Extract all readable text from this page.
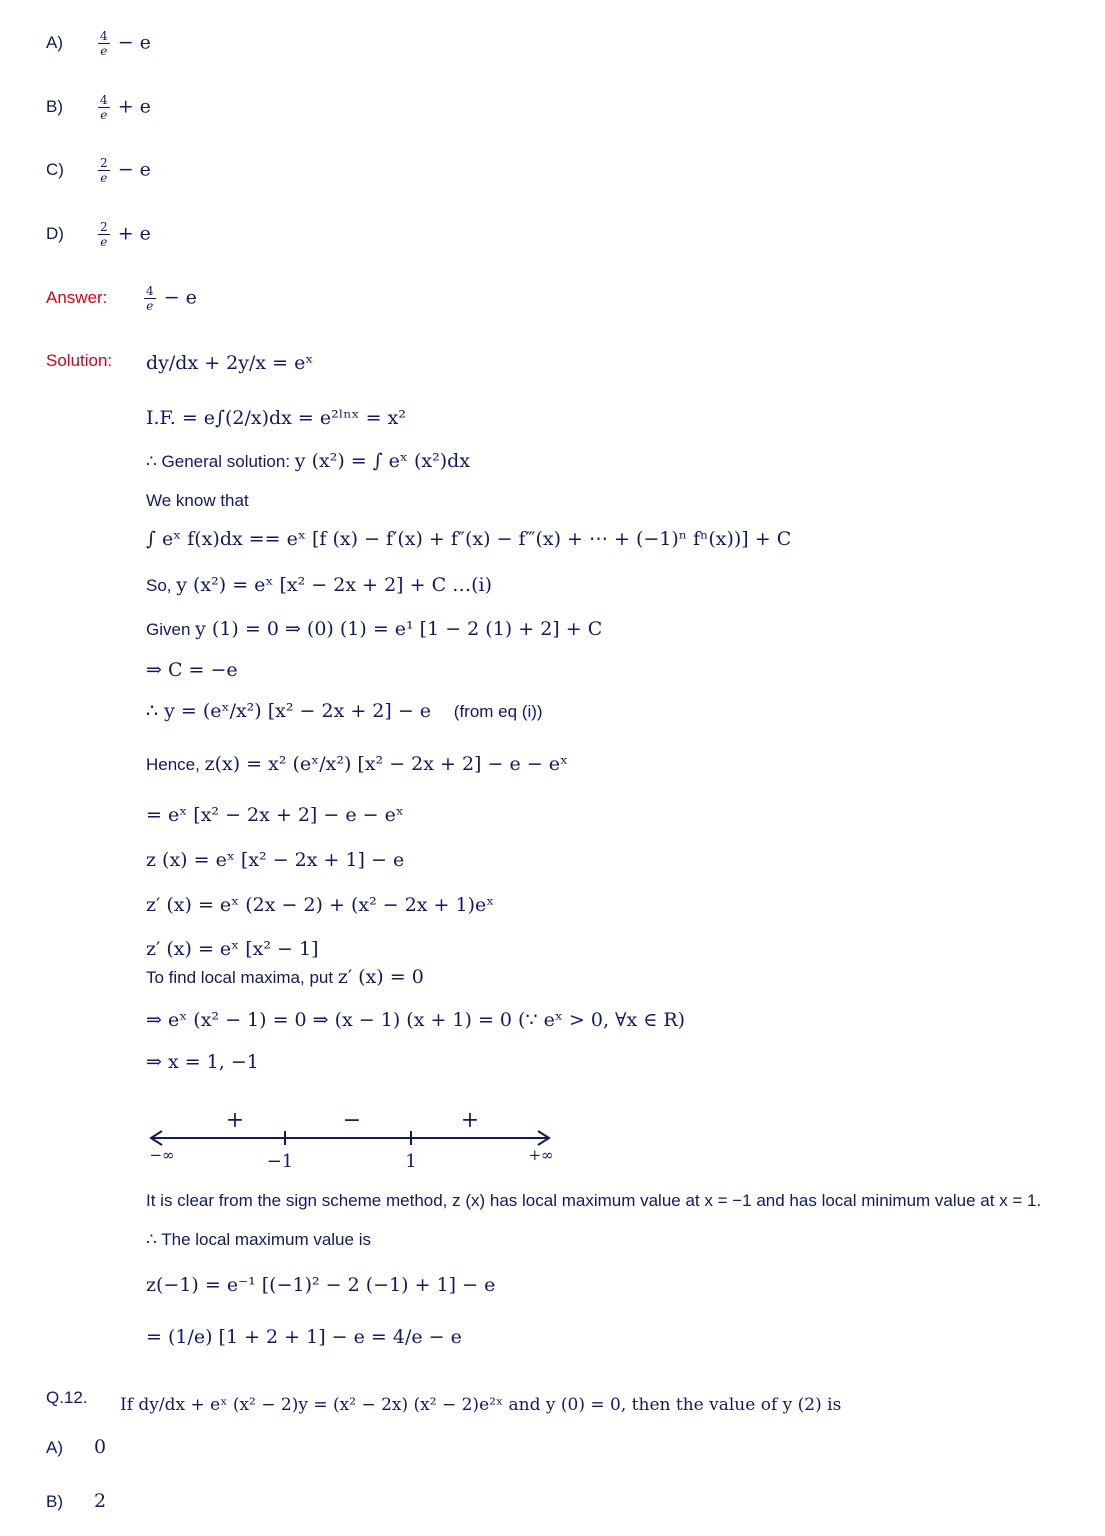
A)	$\frac{4}{e} - e$
B)	$\frac{4}{e} + e$
C)	$\frac{2}{e} - e$
D)	$\frac{2}{e} + e$
Answer:	$\frac{4}{e} - e$
Solution: dy/dx + 2y/x = eˣ
I.F. = e∫(2/x)dx = e²ˡⁿˣ = x²
∴ General solution: y (x²) = ∫ eˣ (x²)dx
We know that
∫ eˣ f(x)dx == eˣ [f (x) − f′(x) + f″(x) − f‴(x) + ⋯ + (−1)ⁿ fⁿ(x))] + C
So, y (x²) = eˣ [x² − 2x + 2] + C …(i)
Given y (1) = 0 ⇒ (0) (1) = e¹ [1 − 2 (1) + 2] + C
⇒ C = −e
∴ y = (eˣ/x²) [x² − 2x + 2] − e (from eq (i))
Hence, z(x) = x² (eˣ/x²) [x² − 2x + 2] − e − eˣ
= eˣ [x² − 2x + 2] − e − eˣ
z (x) = eˣ [x² − 2x + 1] − e
z′ (x) = eˣ (2x − 2) + (x² − 2x + 1)eˣ
z′ (x) = eˣ [x² − 1]
To find local maxima, put z′ (x) = 0
⇒ eˣ (x² − 1) = 0 ⇒ (x − 1) (x + 1) = 0 (∵ eˣ > 0, ∀x ∈ R)
⇒ x = 1, −1
+	−	+
−∞	−1	1	+∞
It is clear from the sign scheme method, z (x) has local maximum value at x = −1 and has local minimum value at x = 1.
∴ The local maximum value is
z(−1) = e⁻¹ [(−1)² − 2 (−1) + 1] − e
= (1/e) [1 + 2 + 1] − e = 4/e − e
Q.12. If dy/dx + eˣ (x² − 2)y = (x² − 2x) (x² − 2)e²ˣ and y (0) = 0, then the value of y (2) is
A) 0
B) 2
